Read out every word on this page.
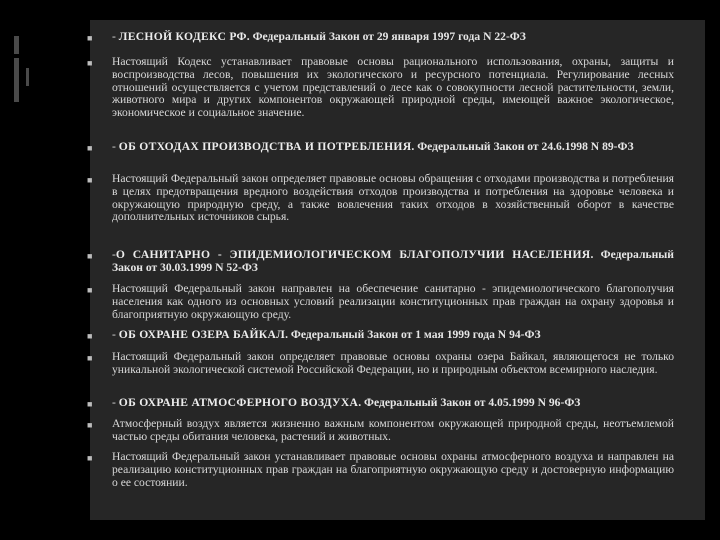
■ - ЛЕСНОЙ КОДЕКС РФ. Федеральный Закон от 29 января 1997 года N 22-ФЗ
■ Настоящий Кодекс устанавливает правовые основы рационального использования, охраны, защиты и воспроизводства лесов, повышения их экологического и ресурсного потенциала. Регулирование лесных отношений осуществляется с учетом представлений о лесе как о совокупности лесной растительности, земли, животного мира и других компонентов окружающей природной среды, имеющей важное экологическое, экономическое и социальное значение.
■ - ОБ ОТХОДАХ ПРОИЗВОДСТВА И ПОТРЕБЛЕНИЯ. Федеральный Закон от 24.6.1998 N 89-ФЗ
■ Настоящий Федеральный закон определяет правовые основы обращения с отходами производства и потребления в целях предотвращения вредного воздействия отходов производства и потребления на здоровье человека и окружающую природную среду, а также вовлечения таких отходов в хозяйственный оборот в качестве дополнительных источников сырья.
■ -О САНИТАРНО - ЭПИДЕМИОЛОГИЧЕСКОМ БЛАГОПОЛУЧИИ НАСЕЛЕНИЯ. Федеральный Закон от 30.03.1999 N 52-ФЗ
■ Настоящий Федеральный закон направлен на обеспечение санитарно - эпидемиологического благополучия населения как одного из основных условий реализации конституционных прав граждан на охрану здоровья и благоприятную окружающую среду.
■ - ОБ ОХРАНЕ ОЗЕРА БАЙКАЛ. Федеральный Закон от 1 мая 1999 года N 94-ФЗ
■ Настоящий Федеральный закон определяет правовые основы охраны озера Байкал, являющегося не только уникальной экологической системой Российской Федерации, но и природным объектом всемирного наследия.
■ - ОБ ОХРАНЕ АТМОСФЕРНОГО ВОЗДУХА. Федеральный Закон от 4.05.1999 N 96-ФЗ
■ Атмосферный воздух является жизненно важным компонентом окружающей природной среды, неотъемлемой частью среды обитания человека, растений и животных.
■ Настоящий Федеральный закон устанавливает правовые основы охраны атмосферного воздуха и направлен на реализацию конституционных прав граждан на благоприятную окружающую среду и достоверную информацию о ее состоянии.
